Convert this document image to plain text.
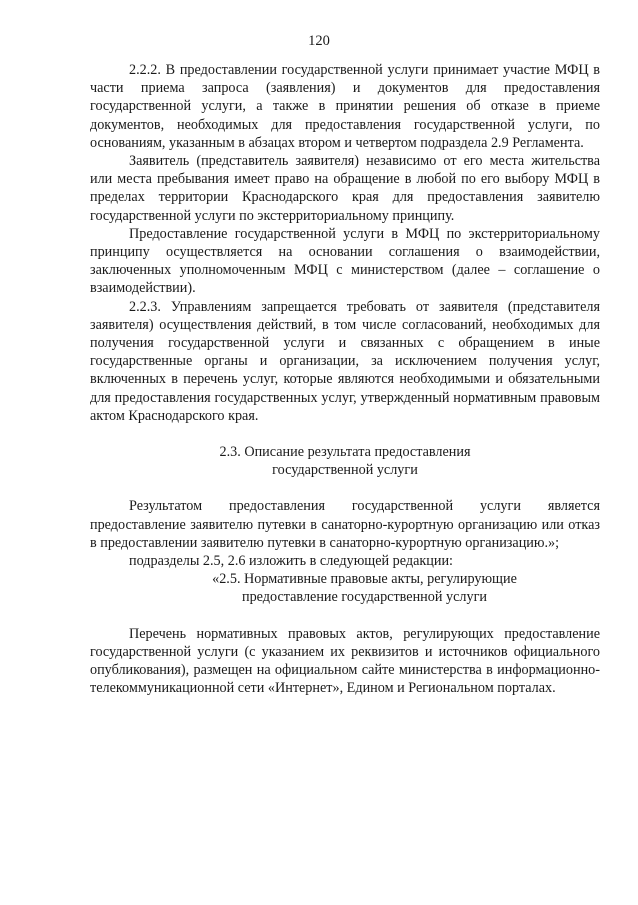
120

2.2.2. В предоставлении государственной услуги принимает участие МФЦ в части приема запроса (заявления) и документов для предоставления государственной услуги, а также в принятии решения об отказе в приеме документов, необходимых для предоставления государственной услуги, по основаниям, указанным в абзацах втором и четвертом подраздела 2.9 Регламента.

Заявитель (представитель заявителя) независимо от его места жительства или места пребывания имеет право на обращение в любой по его выбору МФЦ в пределах территории Краснодарского края для предоставления заявителю государственной услуги по экстерриториальному принципу.

Предоставление государственной услуги в МФЦ по экстерриториальному принципу осуществляется на основании соглашения о взаимодействии, заключенных уполномоченным МФЦ с министерством (далее – соглашение о взаимодействии).

2.2.3. Управлениям запрещается требовать от заявителя (представителя заявителя) осуществления действий, в том числе согласований, необходимых для получения государственной услуги и связанных с обращением в иные государственные органы и организации, за исключением получения услуг, включенных в перечень услуг, которые являются необходимыми и обязательными для предоставления государственных услуг, утвержденный нормативным правовым актом Краснодарского края.

2.3. Описание результата предоставления

государственной услуги

Результатом предоставления государственной услуги является предоставление заявителю путевки в санаторно-курортную организацию или отказ в предоставлении заявителю путевки в санаторно-курортную организацию.»;

подразделы 2.5, 2.6 изложить в следующей редакции:

«2.5. Нормативные правовые акты, регулирующие

предоставление государственной услуги

Перечень нормативных правовых актов, регулирующих предоставление государственной услуги (с указанием их реквизитов и источников официального опубликования), размещен на официальном сайте министерства в информационно-телекоммуникационной сети «Интернет», Едином и Региональном порталах.
